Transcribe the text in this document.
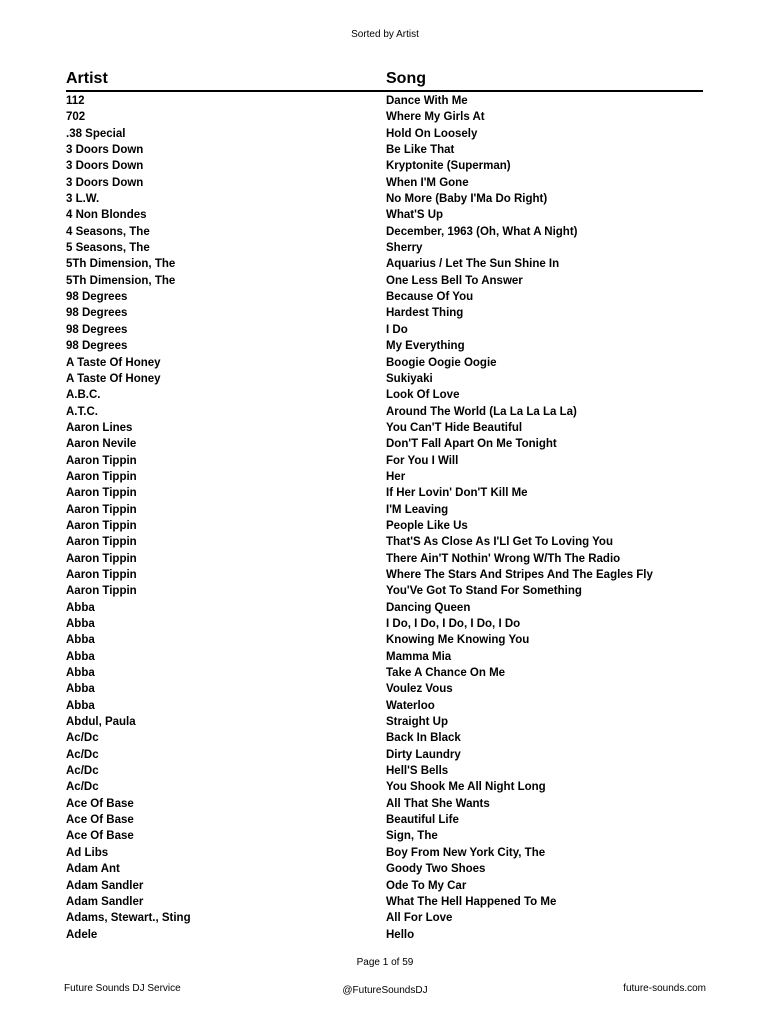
Sorted by Artist
Artist	Song
112	Dance With Me
702	Where My Girls At
.38 Special	Hold On Loosely
3 Doors Down	Be Like That
3 Doors Down	Kryptonite (Superman)
3 Doors Down	When I'M Gone
3 L.W.	No More (Baby I'Ma Do Right)
4 Non Blondes	What'S Up
4 Seasons, The	December, 1963 (Oh, What A Night)
5 Seasons, The	Sherry
5Th Dimension, The	Aquarius / Let The Sun Shine In
5Th Dimension, The	One Less Bell To Answer
98 Degrees	Because Of You
98 Degrees	Hardest Thing
98 Degrees	I Do
98 Degrees	My Everything
A Taste Of Honey	Boogie Oogie Oogie
A Taste Of Honey	Sukiyaki
A.B.C.	Look Of Love
A.T.C.	Around The World (La La La La La)
Aaron Lines	You Can'T Hide Beautiful
Aaron Nevile	Don'T Fall Apart On Me Tonight
Aaron Tippin	For You I Will
Aaron Tippin	Her
Aaron Tippin	If Her Lovin' Don'T Kill Me
Aaron Tippin	I'M Leaving
Aaron Tippin	People Like Us
Aaron Tippin	That'S As Close As I'Ll Get To Loving You
Aaron Tippin	There Ain'T Nothin' Wrong W/Th The Radio
Aaron Tippin	Where The Stars And Stripes And The Eagles Fly
Aaron Tippin	You'Ve Got To Stand For Something
Abba	Dancing Queen
Abba	I Do, I Do, I Do, I Do, I Do
Abba	Knowing Me Knowing You
Abba	Mamma Mia
Abba	Take A Chance On Me
Abba	Voulez Vous
Abba	Waterloo
Abdul, Paula	Straight Up
Ac/Dc	Back In Black
Ac/Dc	Dirty Laundry
Ac/Dc	Hell'S Bells
Ac/Dc	You Shook Me All Night Long
Ace Of Base	All That She Wants
Ace Of Base	Beautiful Life
Ace Of Base	Sign, The
Ad Libs	Boy From New York City, The
Adam Ant	Goody Two Shoes
Adam Sandler	Ode To My Car
Adam Sandler	What The Hell Happened To Me
Adams, Stewart., Sting	All For Love
Adele	Hello
Page 1 of 59
Future Sounds DJ Service	@FutureSoundsDJ	future-sounds.com
